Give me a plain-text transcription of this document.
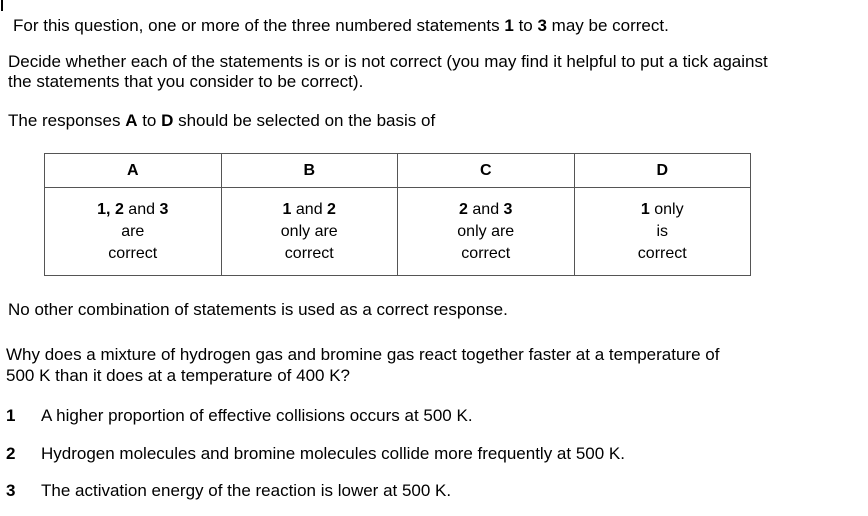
For this question, one or more of the three numbered statements 1 to 3 may be correct.
Decide whether each of the statements is or is not correct (you may find it helpful to put a tick against
the statements that you consider to be correct).
The responses A to D should be selected on the basis of
A	B	C	D
1, 2 and 3
are
correct	1 and 2
only are
correct	2 and 3
only are
correct	1 only
is
correct
No other combination of statements is used as a correct response.
Why does a mixture of hydrogen gas and bromine gas react together faster at a temperature of
500 K than it does at a temperature of 400 K?
1 A higher proportion of effective collisions occurs at 500 K.
2 Hydrogen molecules and bromine molecules collide more frequently at 500 K.
3 The activation energy of the reaction is lower at 500 K.
